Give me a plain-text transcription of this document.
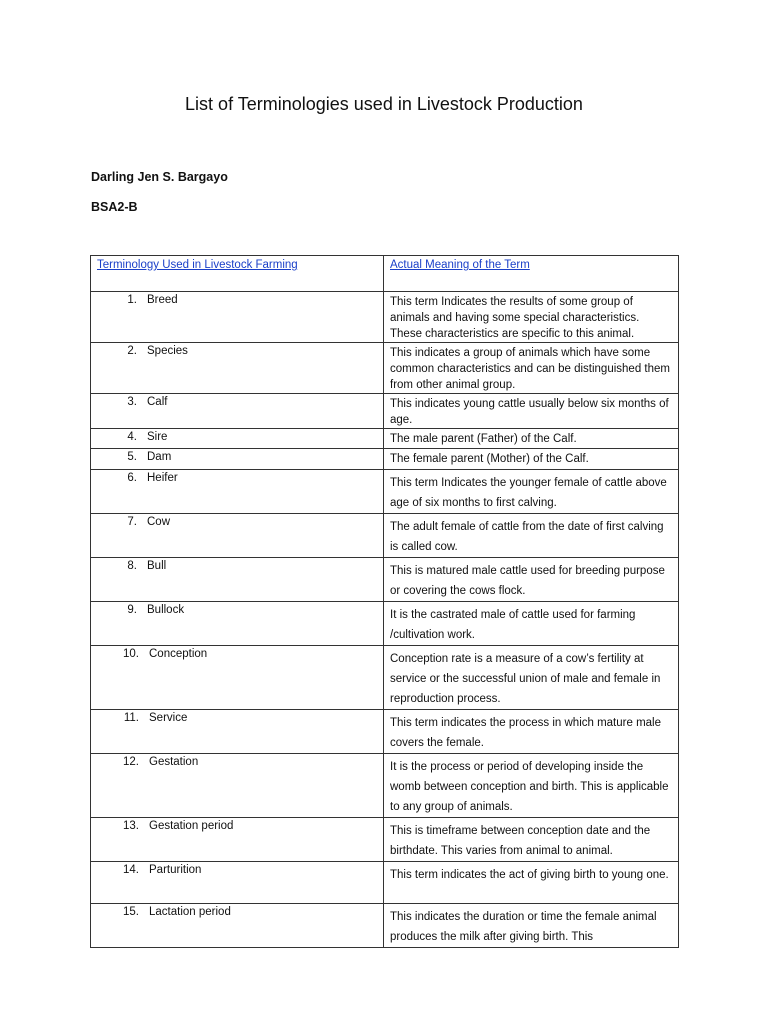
List of Terminologies used in Livestock Production
Darling Jen S. Bargayo
BSA2-B
Terminology Used in Livestock Farming	Actual Meaning of the Term

1. Breed	This term Indicates the results of some group of animals and having some special characteristics. These characteristics are specific to this animal.

2. Species	This indicates a group of animals which have some common characteristics and can be distinguished them from other animal group.

3. Calf	This indicates young cattle usually below six months of age.

4. Sire	The male parent (Father) of the Calf.

5. Dam	The female parent (Mother) of the Calf.

6. Heifer	This term Indicates the younger female of cattle above age of six months to first calving.

7. Cow	The adult female of cattle from the date of first calving is called cow.

8. Bull	This is matured male cattle used for breeding purpose or covering the cows flock.

9. Bullock	It is the castrated male of cattle used for farming /cultivation work.

10. Conception	Conception rate is a measure of a cow’s fertility at service or the successful union of male and female in reproduction process.

11. Service	This term indicates the process in which mature male covers the female.

12. Gestation	It is the process or period of developing inside the womb between conception and birth. This is applicable to any group of animals.

13. Gestation period	This is timeframe between conception date and the birthdate. This varies from animal to animal.

14. Parturition	This term indicates the act of giving birth to young one.

15. Lactation period	This indicates the duration or time the female animal produces the milk after giving birth. This
